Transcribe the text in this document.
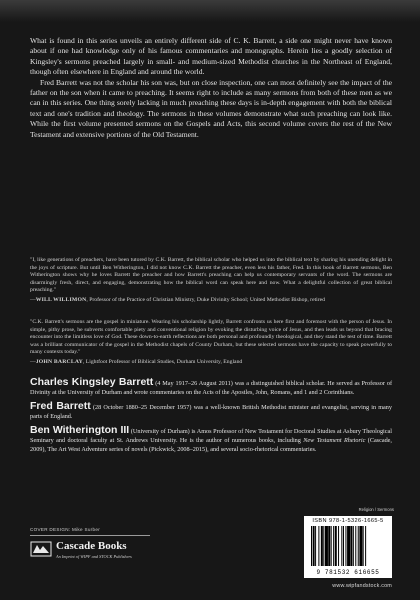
What is found in this series unveils an entirely different side of C. K. Barrett, a side one might never have known about if one had knowledge only of his famous commentaries and monographs. Herein lies a goodly selection of Kingsley's sermons preached largely in small- and medium-sized Methodist churches in the Northeast of England, though often elsewhere in England and around the world.

Fred Barrett was not the scholar his son was, but on close inspection, one can most definitely see the impact of the father on the son when it came to preaching. It seems right to include as many sermons from both of these men as we can in this series. One thing sorely lacking in much preaching these days is in-depth engagement with both the biblical text and one's tradition and theology. The sermons in these volumes demonstrate what such preaching can look like. While the first volume presented sermons on the Gospels and Acts, this second volume covers the rest of the New Testament and extensive portions of the Old Testament.

"I, like generations of preachers, have been tutored by C.K. Barrett, the biblical scholar who helped us into the biblical text by sharing his unending delight in the joys of scripture. But until Ben Witherington, I did not know C.K. Barrett the preacher, even less his father, Fred. In this book of Barrett sermons, Ben Witherington shows why he loves Barrett the preacher and how Barrett's preaching can help us contemporary servants of the word. The sermons are disarmingly fresh, direct, and engaging, demonstrating how the biblical word can speak here and now. What a delightful collection of great biblical preaching."

—WILL WILLIMON, Professor of the Practice of Christian Ministry, Duke Divinity School; United Methodist Bishop, retired

"C.K. Barrett's sermons are the gospel in miniature. Wearing his scholarship lightly, Barrett confronts us here first and foremost with the person of Jesus. In simple, pithy prose, he subverts comfortable piety and conventional religion by evoking the disturbing voice of Jesus, and then leads us beyond that bracing encounter into the limitless love of God. These down-to-earth reflections are both personal and profoundly theological, and they stand the test of time. Barrett was a brilliant communicator of the gospel in the Methodist chapels of County Durham, but these selected sermons have the capacity to speak powerfully to many contexts today."

—JOHN BARCLAY, Lightfoot Professor of Biblical Studies, Durham University, England

Charles Kingsley Barrett (4 May 1917–26 August 2011) was a distinguished biblical scholar. He served as Professor of Divinity at the University of Durham and wrote commentaries on the Acts of the Apostles, John, Romans, and 1 and 2 Corinthians.

Fred Barrett (28 October 1880–25 December 1957) was a well-known British Methodist minister and evangelist, serving in many parts of England.

Ben Witherington III (University of Durham) is Amos Professor of New Testament for Doctoral Studies at Asbury Theological Seminary and doctoral faculty at St. Andrews University. He is the author of numerous books, including New Testament Rhetoric (Cascade, 2009), The Art West Adventure series of novels (Pickwick, 2008–2015), and several socio-rhetorical commentaries.

COVER DESIGN: Mike Surber
Cascade Books
An Imprint of WIPF and STOCK Publishers
Religion / Sermons
ISBN 978-1-5326-1665-5
9 781532 616655
www.wipfandstock.com
